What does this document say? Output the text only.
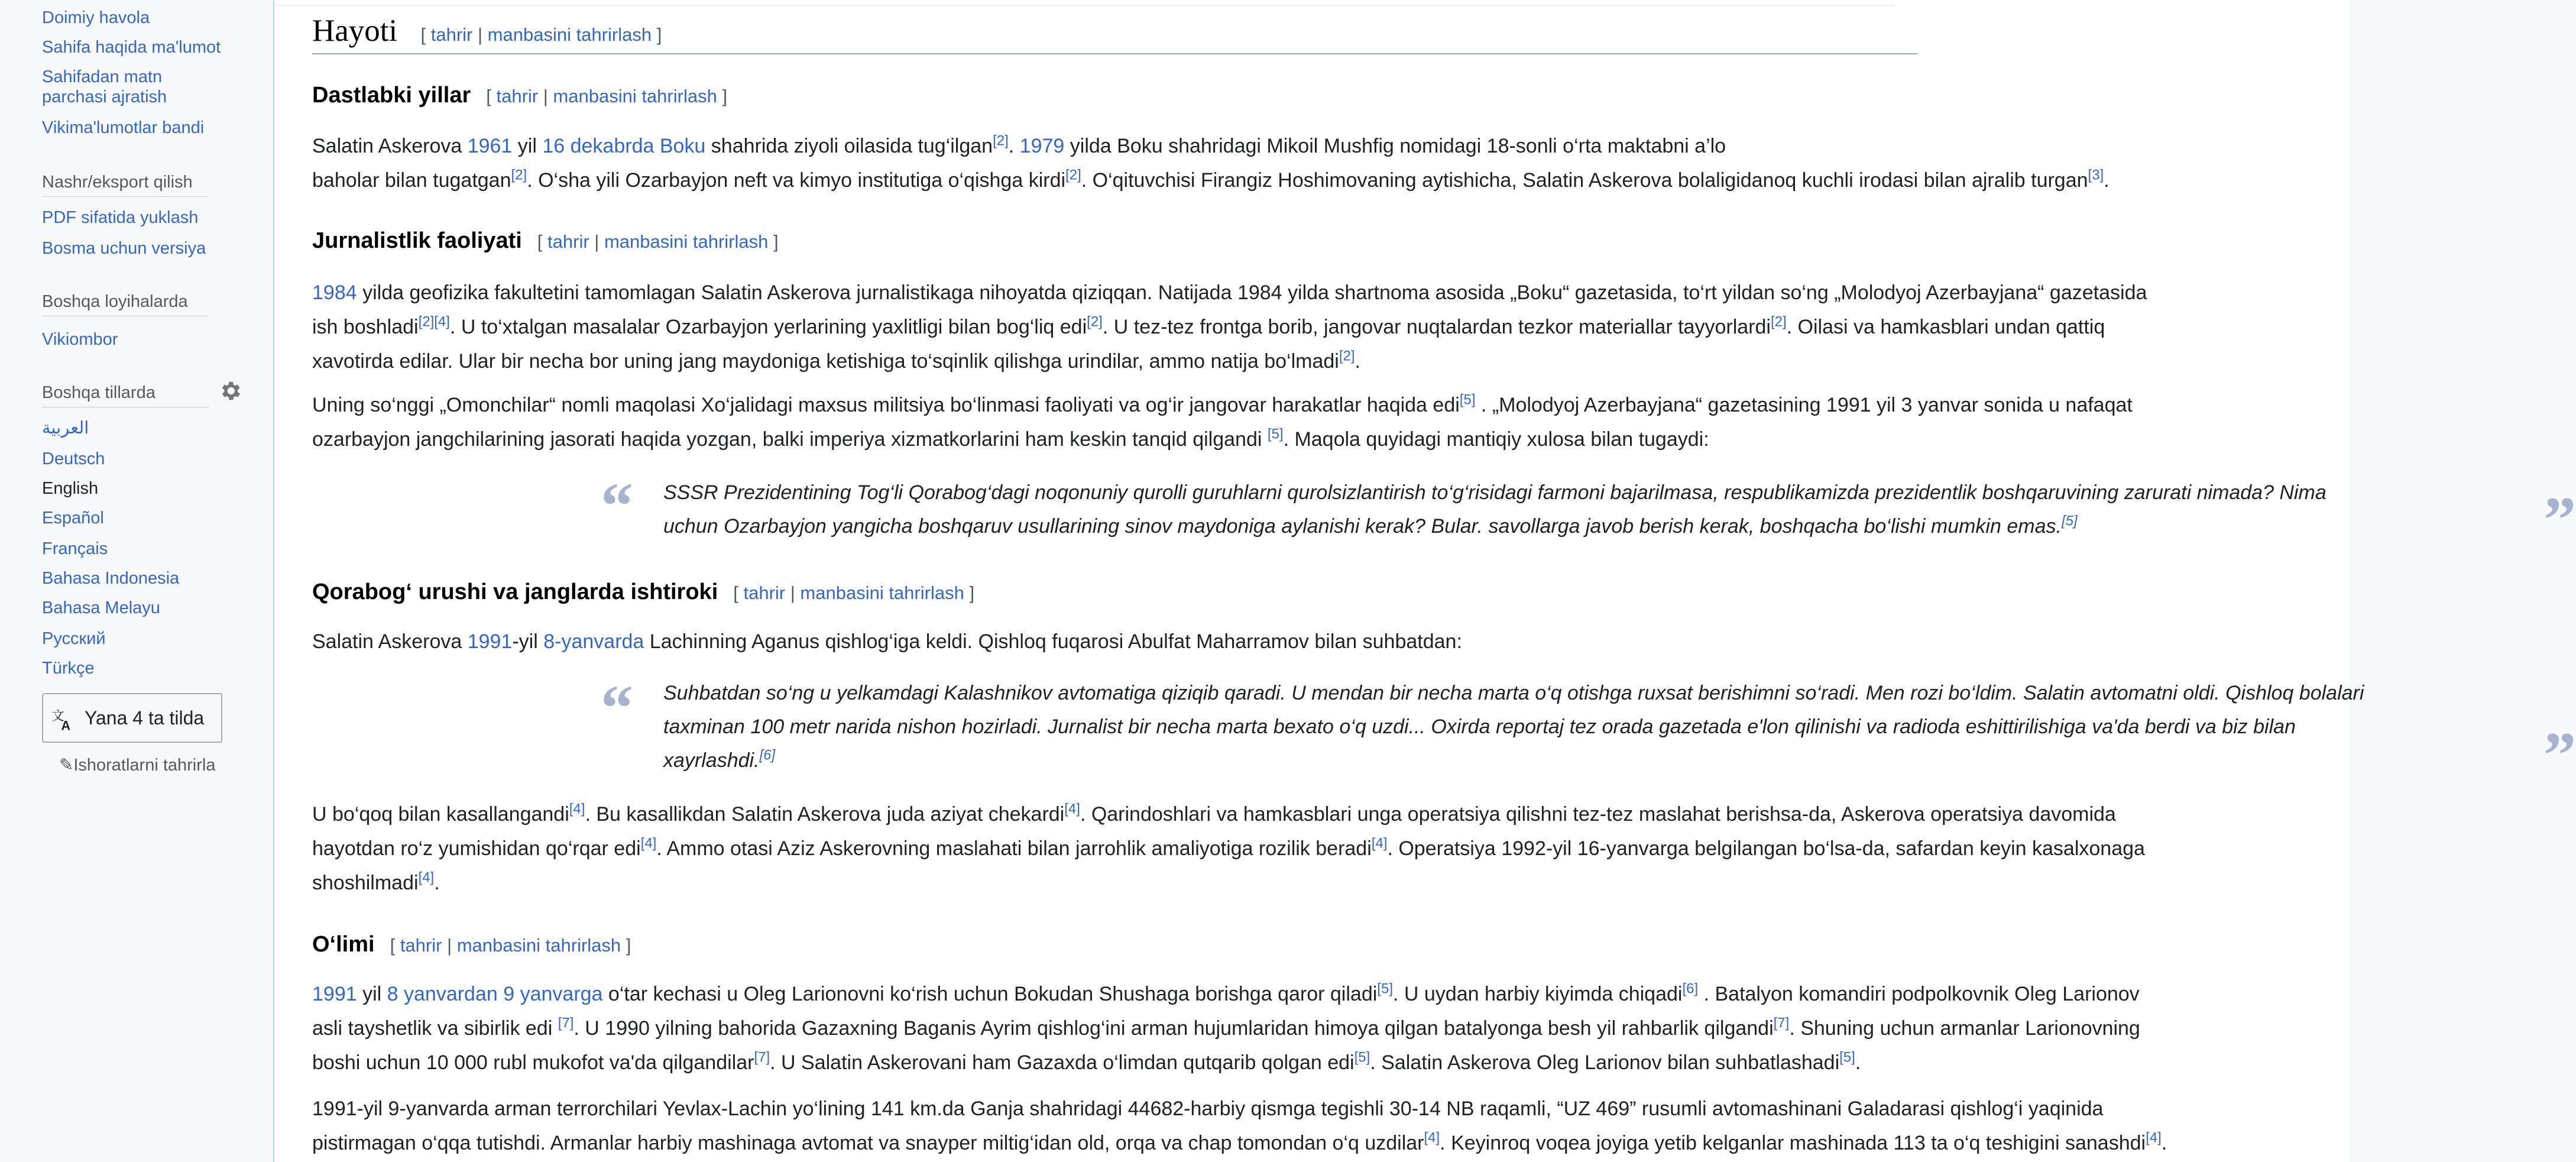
Doimiy havola
Sahifa haqida ma'lumot
Sahifadan matn
parchasi ajratish
Vikima'lumotlar bandi
Nashr/eksport qilish
PDF sifatida yuklash
Bosma uchun versiya
Boshqa loyihalarda
Vikiombor
Boshqa tillarda
العربية
Deutsch
English
Español
Français
Bahasa Indonesia
Bahasa Melayu
Русский
Türkçe
文
A Yana 4 ta tilda
✎Ishoratlarni tahrirla
Hayoti [ tahrir | manbasini tahrirlash ]
Dastlabki yillar [ tahrir | manbasini tahrirlash ]
Salatin Askerova 1961 yil 16 dekabrda Boku shahrida ziyoli oilasida tug‘ilgan[2]. 1979 yilda Boku shahridagi Mikoil Mushfig nomidagi 18-sonli o‘rta maktabni a’lo
baholar bilan tugatgan[2]. O‘sha yili Ozarbayjon neft va kimyo institutiga o‘qishga kirdi[2]. O‘qituvchisi Firangiz Hoshimovaning aytishicha, Salatin Askerova bolaligidanoq kuchli irodasi bilan ajralib turgan[3].
Jurnalistlik faoliyati [ tahrir | manbasini tahrirlash ]
1984 yilda geofizika fakultetini tamomlagan Salatin Askerova jurnalistikaga nihoyatda qiziqqan. Natijada 1984 yilda shartnoma asosida „Boku“ gazetasida, to‘rt yildan so‘ng „Molodyoj Azerbayjana“ gazetasida
ish boshladi[2][4]. U to‘xtalgan masalalar Ozarbayjon yerlarining yaxlitligi bilan bog‘liq edi[2]. U tez-tez frontga borib, jangovar nuqtalardan tezkor materiallar tayyorlardi[2]. Oilasi va hamkasblari undan qattiq
xavotirda edilar. Ular bir necha bor uning jang maydoniga ketishiga to‘sqinlik qilishga urindilar, ammo natija bo‘lmadi[2].
Uning so‘nggi „Omonchilar“ nomli maqolasi Xo‘jalidagi maxsus militsiya bo‘linmasi faoliyati va og‘ir jangovar harakatlar haqida edi[5] . „Molodyoj Azerbayjana“ gazetasining 1991 yil 3 yanvar sonida u nafaqat
ozarbayjon jangchilarining jasorati haqida yozgan, balki imperiya xizmatkorlarini ham keskin tanqid qilgandi [5]. Maqola quyidagi mantiqiy xulosa bilan tugaydi:
“ SSSR Prezidentining Tog‘li Qorabog‘dagi noqonuniy qurolli guruhlarni qurolsizlantirish to‘g‘risidagi farmoni bajarilmasa, respublikamizda prezidentlik boshqaruvining zarurati nimada? Nima
uchun Ozarbayjon yangicha boshqaruv usullarining sinov maydoniga aylanishi kerak? Bular. savollarga javob berish kerak, boshqacha bo‘lishi mumkin emas.[5]	”
Qorabog‘ urushi va janglarda ishtiroki [ tahrir | manbasini tahrirlash ]
Salatin Askerova 1991-yil 8-yanvarda Lachinning Aganus qishlog‘iga keldi. Qishloq fuqarosi Abulfat Maharramov bilan suhbatdan:
“ Suhbatdan so‘ng u yelkamdagi Kalashnikov avtomatiga qiziqib qaradi. U mendan bir necha marta o‘q otishga ruxsat berishimni so‘radi. Men rozi bo‘ldim. Salatin avtomatni oldi. Qishloq bolalari
taxminan 100 metr narida nishon hozirladi. Jurnalist bir necha marta bexato o‘q uzdi... Oxirda reportaj tez orada gazetada e'lon qilinishi va radioda eshittirilishiga va'da berdi va biz bilan
xayrlashdi.[6]	”
U bo‘qoq bilan kasallangandi[4]. Bu kasallikdan Salatin Askerova juda aziyat chekardi[4]. Qarindoshlari va hamkasblari unga operatsiya qilishni tez-tez maslahat berishsa-da, Askerova operatsiya davomida
hayotdan ro‘z yumishidan qo‘rqar edi[4]. Ammo otasi Aziz Askerovning maslahati bilan jarrohlik amaliyotiga rozilik beradi[4]. Operatsiya 1992-yil 16-yanvarga belgilangan bo‘lsa-da, safardan keyin kasalxonaga
shoshilmadi[4].
O‘limi [ tahrir | manbasini tahrirlash ]
1991 yil 8 yanvardan 9 yanvarga o‘tar kechasi u Oleg Larionovni ko‘rish uchun Bokudan Shushaga borishga qaror qiladi[5]. U uydan harbiy kiyimda chiqadi[6] . Batalyon komandiri podpolkovnik Oleg Larionov
asli tayshetlik va sibirlik edi [7]. U 1990 yilning bahorida Gazaxning Baganis Ayrim qishlog‘ini arman hujumlaridan himoya qilgan batalyonga besh yil rahbarlik qilgandi[7]. Shuning uchun armanlar Larionovning
boshi uchun 10 000 rubl mukofot va'da qilgandilar[7]. U Salatin Askerovani ham Gazaxda o‘limdan qutqarib qolgan edi[5]. Salatin Askerova Oleg Larionov bilan suhbatlashadi[5].
1991-yil 9-yanvarda arman terrorchilari Yevlax-Lachin yo‘lining 141 km.da Ganja shahridagi 44682-harbiy qismga tegishli 30-14 NB raqamli, “UZ 469” rusumli avtomashinani Galadarasi qishlog‘i yaqinida
pistirmagan o‘qqa tutishdi. Armanlar harbiy mashinaga avtomat va snayper miltig‘idan old, orqa va chap tomondan o‘q uzdilar[4]. Keyinroq voqea joyiga yetib kelganlar mashinada 113 ta o‘q teshigini sanashdi[4].
